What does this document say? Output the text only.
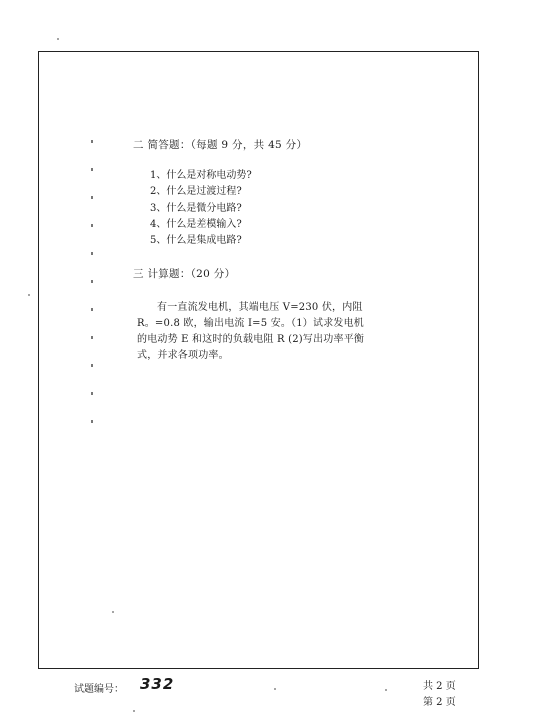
二 简答题：（每题 9 分，共 45 分）
1、什么是对称电动势?
2、什么是过渡过程?
3、什么是微分电路?
4、什么是差模输入?
5、什么是集成电路?
三 计算题：（20 分）
有一直流发电机，其端电压 V=230 伏，内阻
R。=0.8 欧，输出电流 I=5 安。（1）试求发电机
的电动势 E 和这时的负载电阻 R (2)写出功率平衡
式，并求各项功率。
试题编号： 332	共 2 页
第 2 页
